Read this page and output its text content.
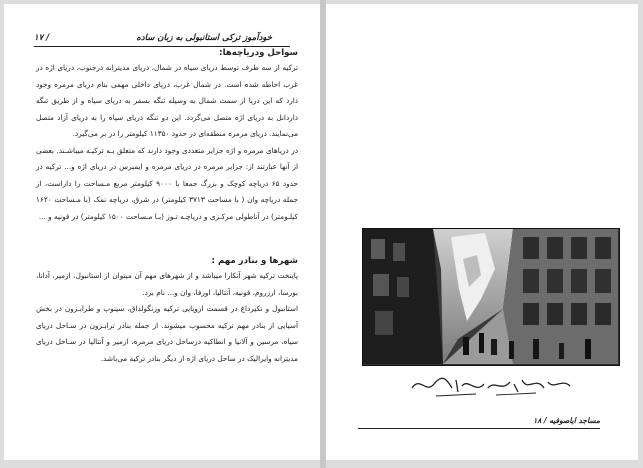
خودآموز ترکی استانبولی به زبان ساده
/ ۱۷

سواحل ودریاچه‌ها:

ترکیه از سه طرف توسط دریای سیاه در شمال، دریای مدیترانه درجنوب، دریای اژه در غرب احاطه شده است. در شمال غرب، دریای داخلی مهمی بنام دریای مرمره وجود دارد که این دریا از سمت شمال به وسیله تنگه بسفر به دریای سیاه و از طریق تنگه داردانل به دریای اژه متصل می‌گردد. این دو تنگه دریای سیاه را به دریای آزاد متصل می‌نمایند. دریای مرمره منطقه‌ای در حدود ۱۱۳۵۰ کیلومتر را در بر می‌گیرد.

در دریاهای مرمره و اژه جزایر متعددی وجود دارند که متعلق بـه ترکیـه میباشـند. بعضی از آنها عبارتند از: جزایر مرمره در دریای مرمره و ایمبرس در دریای اژه و... ترکیه در حدود ۶۵ دریاچه کوچک و بزرگ جمعا با ۹۰۰۰ کیلومتر مربع مـساحت را داراست، از جمله دریاچه وان ( با مساحت ۳۷۱۳ کیلومتر) در شرق، دریاچه نمک (با مـساحت ۱۶۲۰ کیلـومتر) در آناطولی مرکـزی و دریاچـه تـوز (بـا مـساحت ۱۵۰۰ کیلومتر) در قونیه و ...

شهرها و بنادر مهم :

پایتخت ترکیه شهر آنکارا میباشد و از شهرهای مهم آن میتوان از استانبول، ازمیر، آدانا، بورسا، ارزروم، قونیه، آنتالیا، اورفا، وان و... نام برد.

استانبول و تکیرداغ در قسمت اروپایی ترکیه وزنگولداق، سینوپ و طرابـزون در بخش آسیایی از بنادر مهم ترکیه محسوب میشوند. از جمله بنادر ترابـزون در سـاحل دریای سیاه، مرسین و آلانیا و انطاکیه درساحل دریای مرمره، ازمیر و آنتالیا در سـاحل دریای مدیترانه وایرالیک در ساحل دریای اژه از دیگر بنادر ترکیه می‌باشد.

مساجد ایاصوفیه / ۱۸
